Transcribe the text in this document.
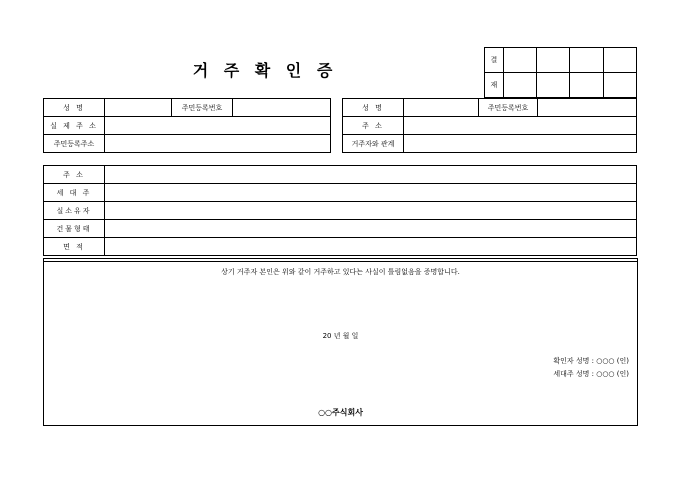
거 주 확 인 증
결				
재				
성 명		주민등록번호	
실 제 주 소			
주민등록주소			
성 명		주민등록번호	
주 소			
거주자와 관계			
주 소	
세 대 주	
실소유자	
건물형태	
면 적	
상기 거주자 본인은 위와 같이 거주하고 있다는 사실이 틀림없음을 증명합니다.
20 년 월 일
확인자 성명 : ○○○ (인)
세대주 성명 : ○○○ (인)
○○주식회사
